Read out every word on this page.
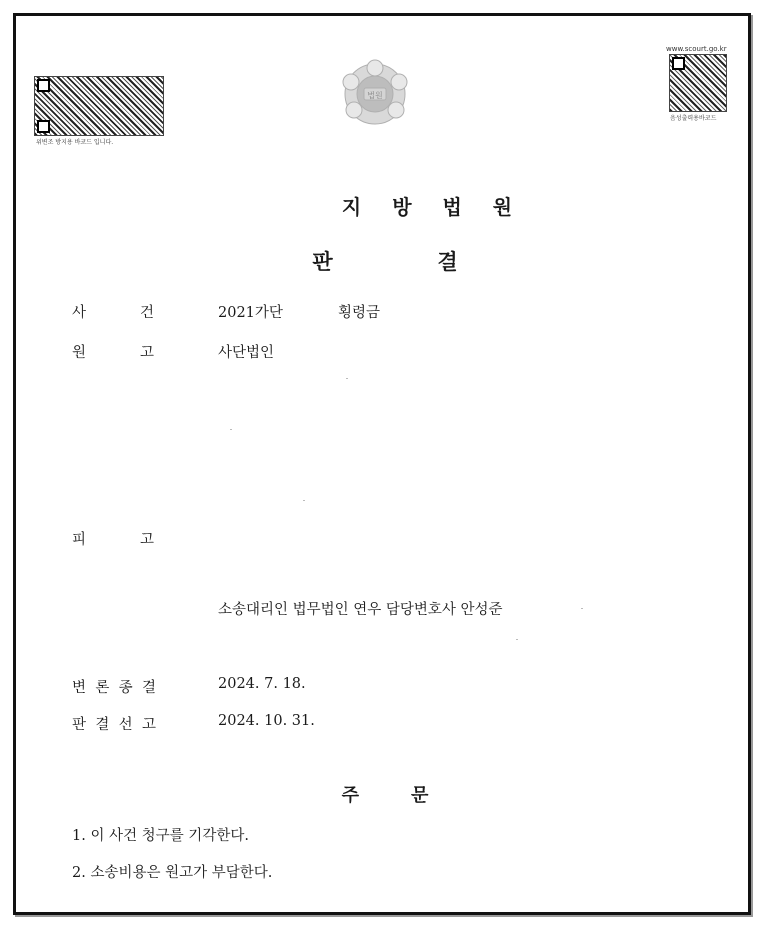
위변조 방지용 바코드 입니다.
법원
www.scourt.go.kr
음성출력용바코드
지 방 법 원
판	결
사	건	2021가단	횡령금
원	고	사단법인
피	고
소송대리인 법무법인 연우 담당변호사 안성준
변 론 종 결	2024. 7. 18.
판 결 선 고	2024. 10. 31.
주	문
1. 이 사건 청구를 기각한다.
2. 소송비용은 원고가 부담한다.
